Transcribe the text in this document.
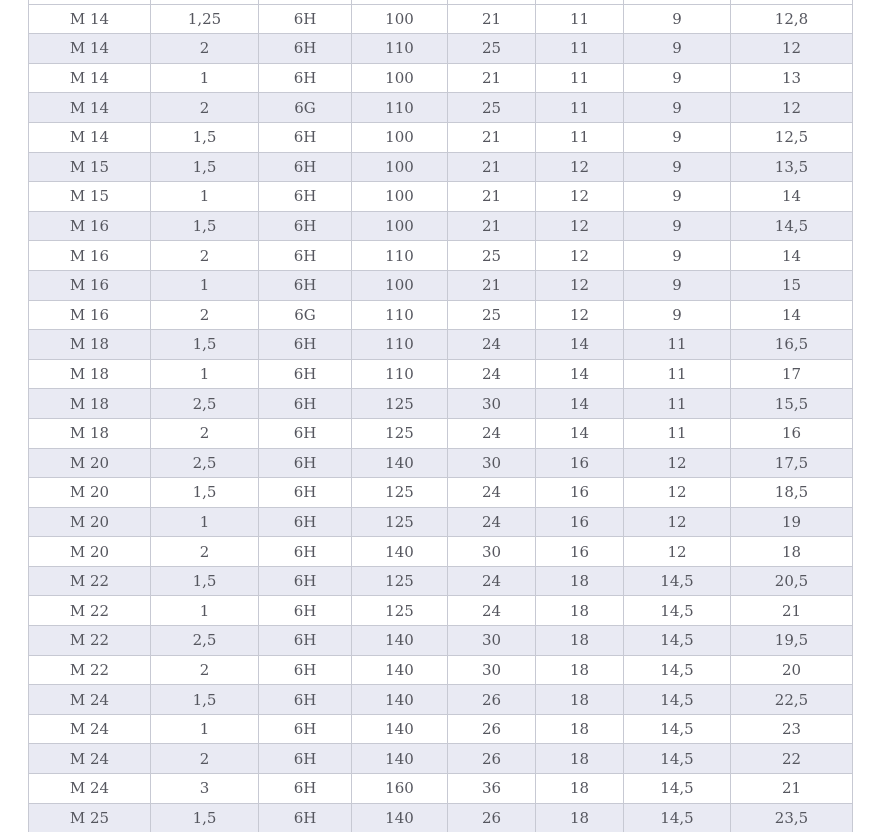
M 14	1,25	6H	100	21	11	9	12,8
M 14	2	6H	110	25	11	9	12
M 14	1	6H	100	21	11	9	13
M 14	2	6G	110	25	11	9	12
M 14	1,5	6H	100	21	11	9	12,5
M 15	1,5	6H	100	21	12	9	13,5
M 15	1	6H	100	21	12	9	14
M 16	1,5	6H	100	21	12	9	14,5
M 16	2	6H	110	25	12	9	14
M 16	1	6H	100	21	12	9	15
M 16	2	6G	110	25	12	9	14
M 18	1,5	6H	110	24	14	11	16,5
M 18	1	6H	110	24	14	11	17
M 18	2,5	6H	125	30	14	11	15,5
M 18	2	6H	125	24	14	11	16
M 20	2,5	6H	140	30	16	12	17,5
M 20	1,5	6H	125	24	16	12	18,5
M 20	1	6H	125	24	16	12	19
M 20	2	6H	140	30	16	12	18
M 22	1,5	6H	125	24	18	14,5	20,5
M 22	1	6H	125	24	18	14,5	21
M 22	2,5	6H	140	30	18	14,5	19,5
M 22	2	6H	140	30	18	14,5	20
M 24	1,5	6H	140	26	18	14,5	22,5
M 24	1	6H	140	26	18	14,5	23
M 24	2	6H	140	26	18	14,5	22
M 24	3	6H	160	36	18	14,5	21
M 25	1,5	6H	140	26	18	14,5	23,5
